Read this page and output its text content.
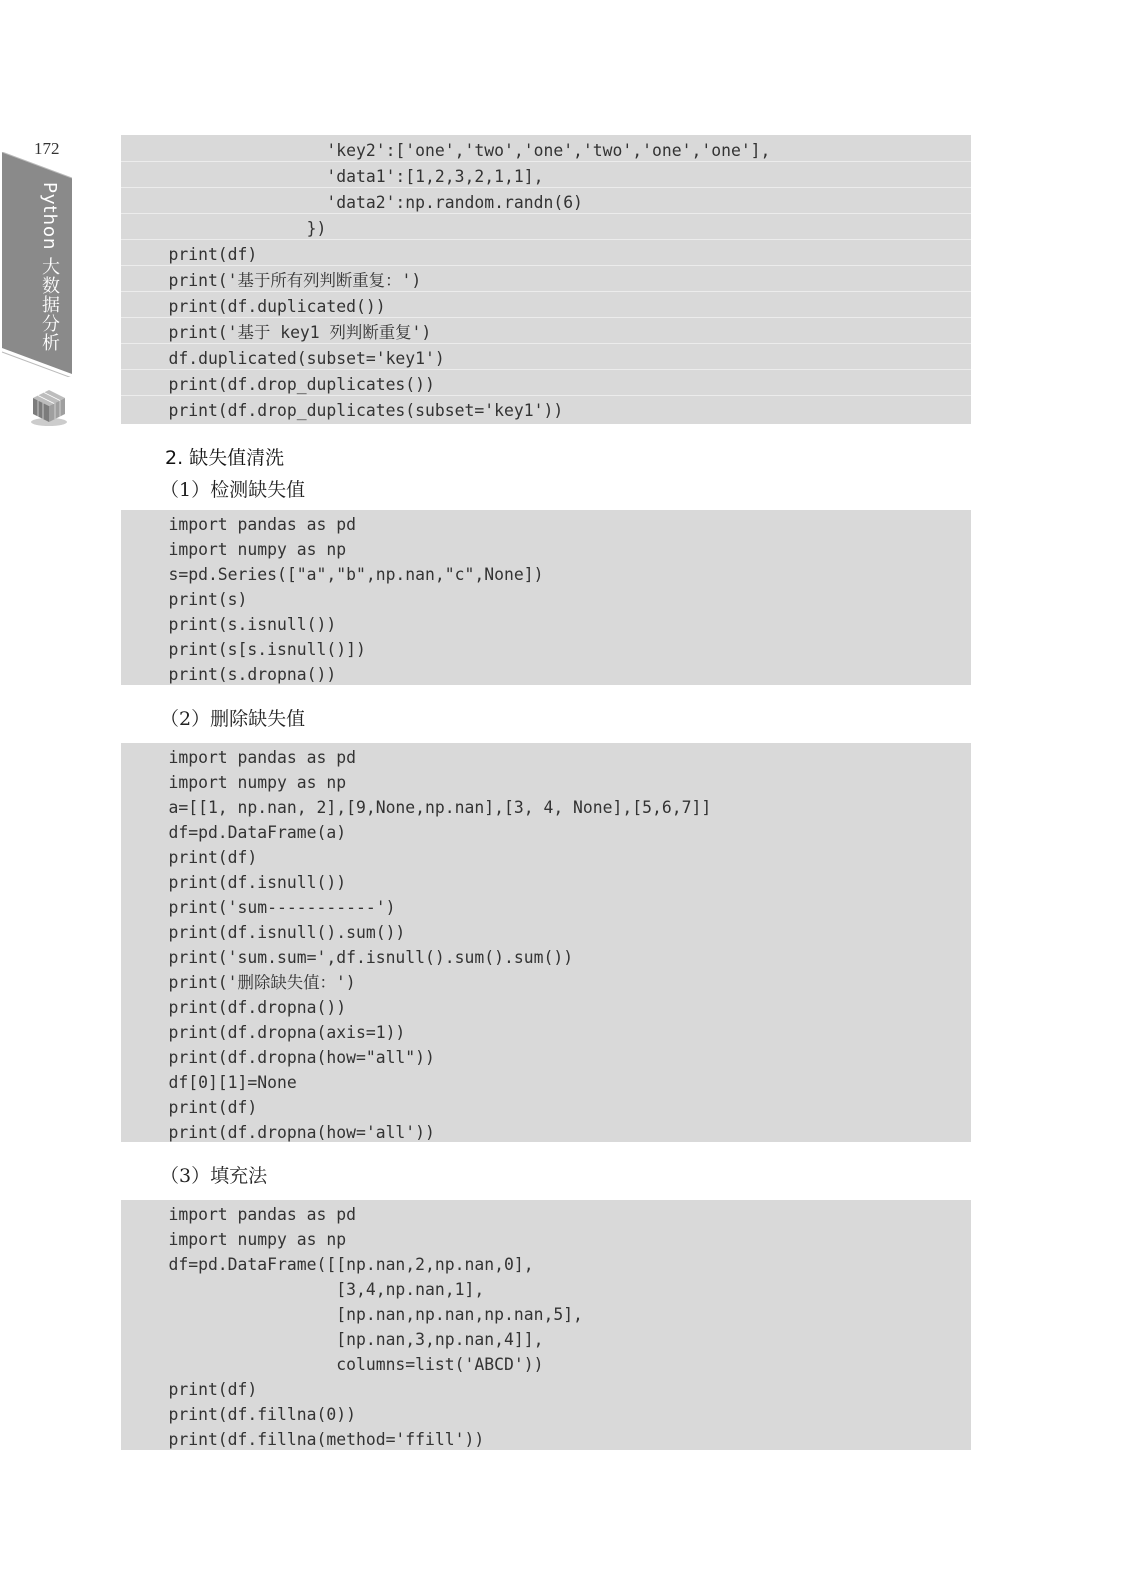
172
Python 大数据分析
'key2':['one','two','one','two','one','one'],
'data1':[1,2,3,2,1,1],
'data2':np.random.randn(6)
})
print(df)
print('基于所有列判断重复：')
print(df.duplicated())
print('基于 key1 列判断重复')
df.duplicated(subset='key1')
print(df.drop_duplicates())
print(df.drop_duplicates(subset='key1'))
2. 缺失值清洗
（1）检测缺失值
import pandas as pd
import numpy as np
s=pd.Series(["a","b",np.nan,"c",None])
print(s)
print(s.isnull())
print(s[s.isnull()])
print(s.dropna())
（2）删除缺失值
import pandas as pd
import numpy as np
a=[[1, np.nan, 2],[9,None,np.nan],[3, 4, None],[5,6,7]]
df=pd.DataFrame(a)
print(df)
print(df.isnull())
print('sum-----------')
print(df.isnull().sum())
print('sum.sum=',df.isnull().sum().sum())
print('删除缺失值：')
print(df.dropna())
print(df.dropna(axis=1))
print(df.dropna(how="all"))
df[0][1]=None
print(df)
print(df.dropna(how='all'))
（3）填充法
import pandas as pd
import numpy as np
df=pd.DataFrame([[np.nan,2,np.nan,0],
[3,4,np.nan,1],
[np.nan,np.nan,np.nan,5],
[np.nan,3,np.nan,4]],
columns=list('ABCD'))
print(df)
print(df.fillna(0))
print(df.fillna(method='ffill'))
